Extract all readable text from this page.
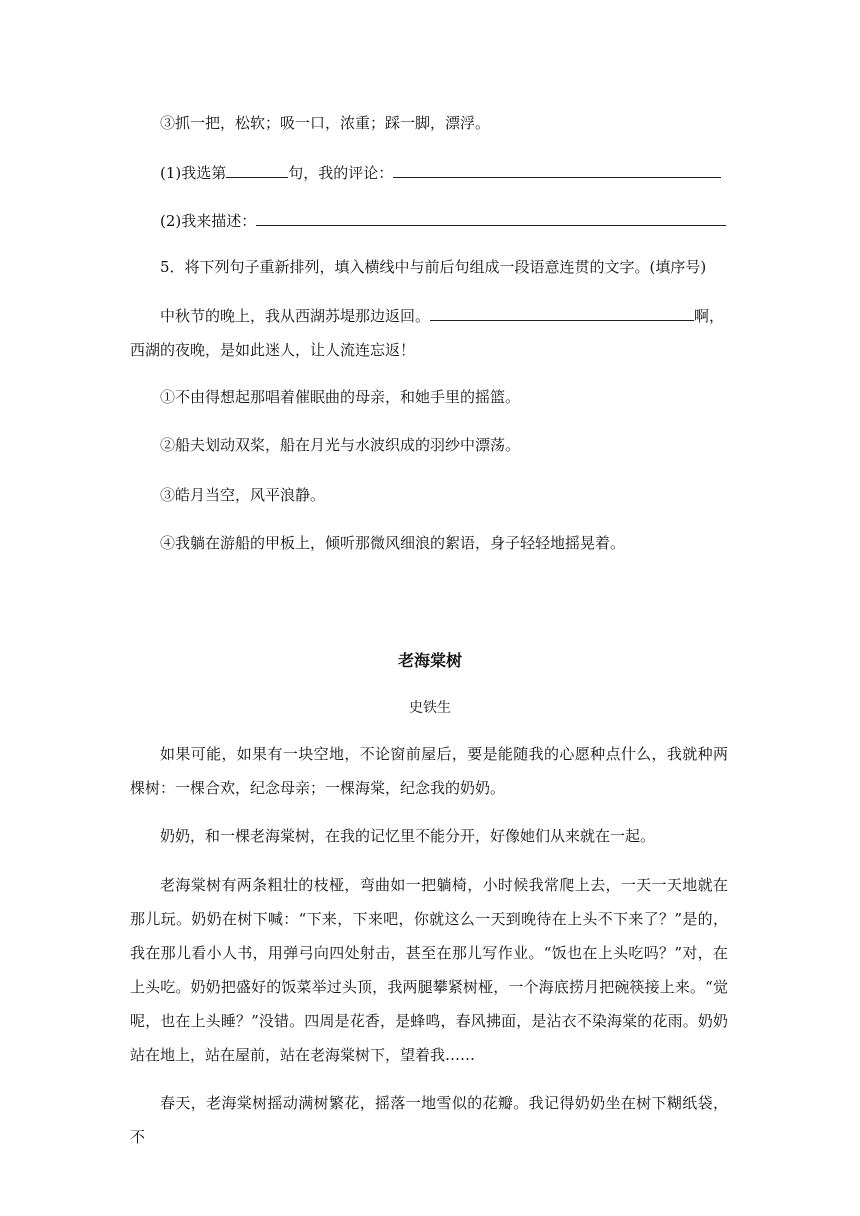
③抓一把，松软；吸一口，浓重；踩一脚，漂浮。
(1)我选第	句，我的评论：
(2)我来描述：
5．将下列句子重新排列，填入横线中与前后句组成一段语意连贯的文字。(填序号)
中秋节的晚上，我从西湖苏堤那边返回。	啊，
西湖的夜晚，是如此迷人，让人流连忘返！
①不由得想起那唱着催眠曲的母亲，和她手里的摇篮。
②船夫划动双桨，船在月光与水波织成的羽纱中漂荡。
③皓月当空，风平浪静。
④我躺在游船的甲板上，倾听那微风细浪的絮语，身子轻轻地摇晃着。
老海棠树
史铁生
如果可能，如果有一块空地，不论窗前屋后，要是能随我的心愿种点什么，我就种两棵树：一棵合欢，纪念母亲；一棵海棠，纪念我的奶奶。
奶奶，和一棵老海棠树，在我的记忆里不能分开，好像她们从来就在一起。
老海棠树有两条粗壮的枝桠，弯曲如一把躺椅，小时候我常爬上去，一天一天地就在那儿玩。奶奶在树下喊：“下来，下来吧，你就这么一天到晚待在上头不下来了？”是的，我在那儿看小人书，用弹弓向四处射击，甚至在那儿写作业。“饭也在上头吃吗？”对，在上头吃。奶奶把盛好的饭菜举过头顶，我两腿攀紧树桠，一个海底捞月把碗筷接上来。“觉呢，也在上头睡？”没错。四周是花香，是蜂鸣，春风拂面，是沾衣不染海棠的花雨。奶奶站在地上，站在屋前，站在老海棠树下，望着我……
春天，老海棠树摇动满树繁花，摇落一地雪似的花瓣。我记得奶奶坐在树下糊纸袋，不
